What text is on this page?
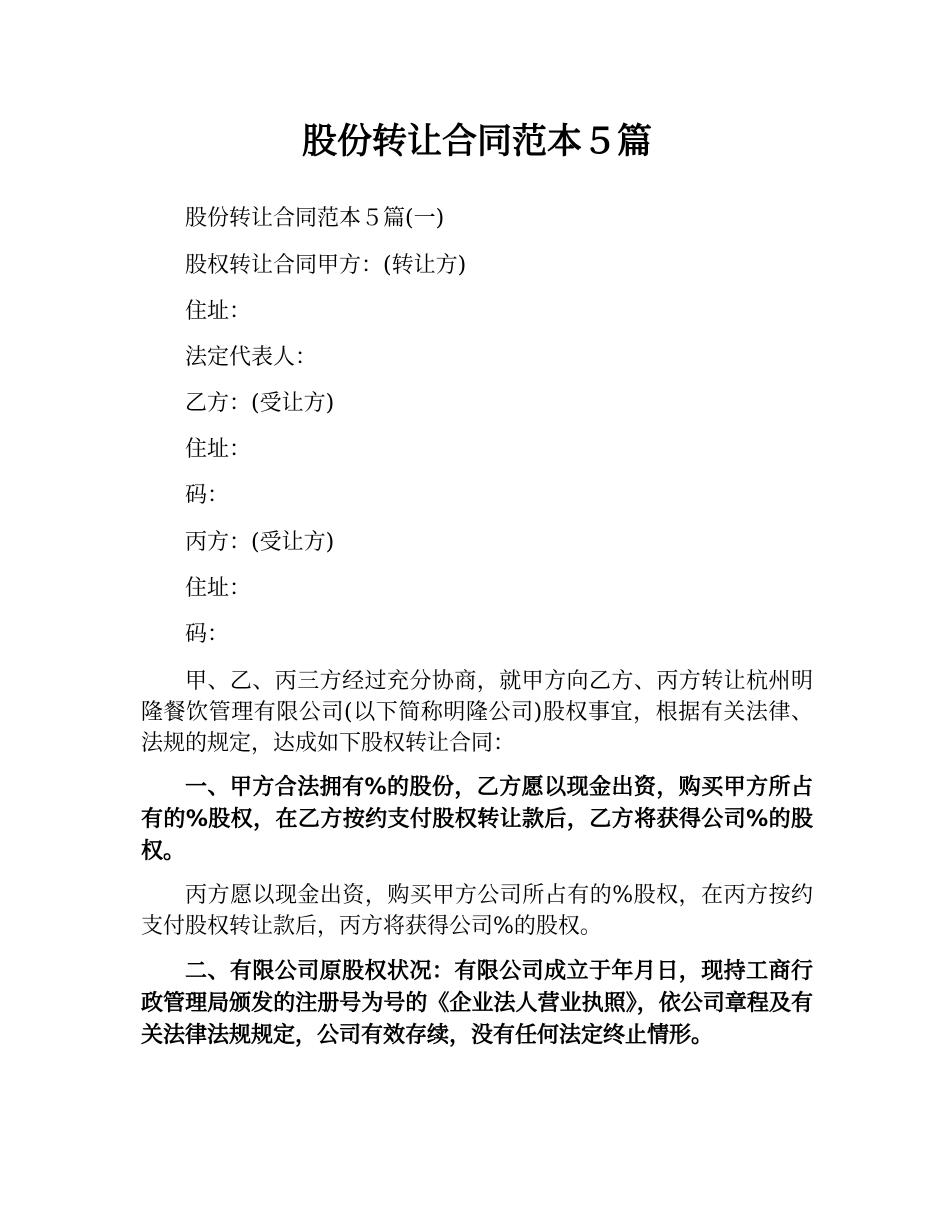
股份转让合同范本５篇

股份转让合同范本５篇(一)

股权转让合同甲方：(转让方)

住址：

法定代表人：

乙方：(受让方)

住址：

码：

丙方：(受让方)

住址：

码：

甲、乙、丙三方经过充分协商，就甲方向乙方、丙方转让杭州明隆餐饮管理有限公司(以下简称明隆公司)股权事宜，根据有关法律、法规的规定，达成如下股权转让合同：

一、甲方合法拥有%的股份，乙方愿以现金出资，购买甲方所占有的%股权，在乙方按约支付股权转让款后，乙方将获得公司%的股权。

丙方愿以现金出资，购买甲方公司所占有的%股权，在丙方按约支付股权转让款后，丙方将获得公司%的股权。

二、有限公司原股权状况：有限公司成立于年月日，现持工商行政管理局颁发的注册号为号的《企业法人营业执照》，依公司章程及有关法律法规规定，公司有效存续，没有任何法定终止情形。
